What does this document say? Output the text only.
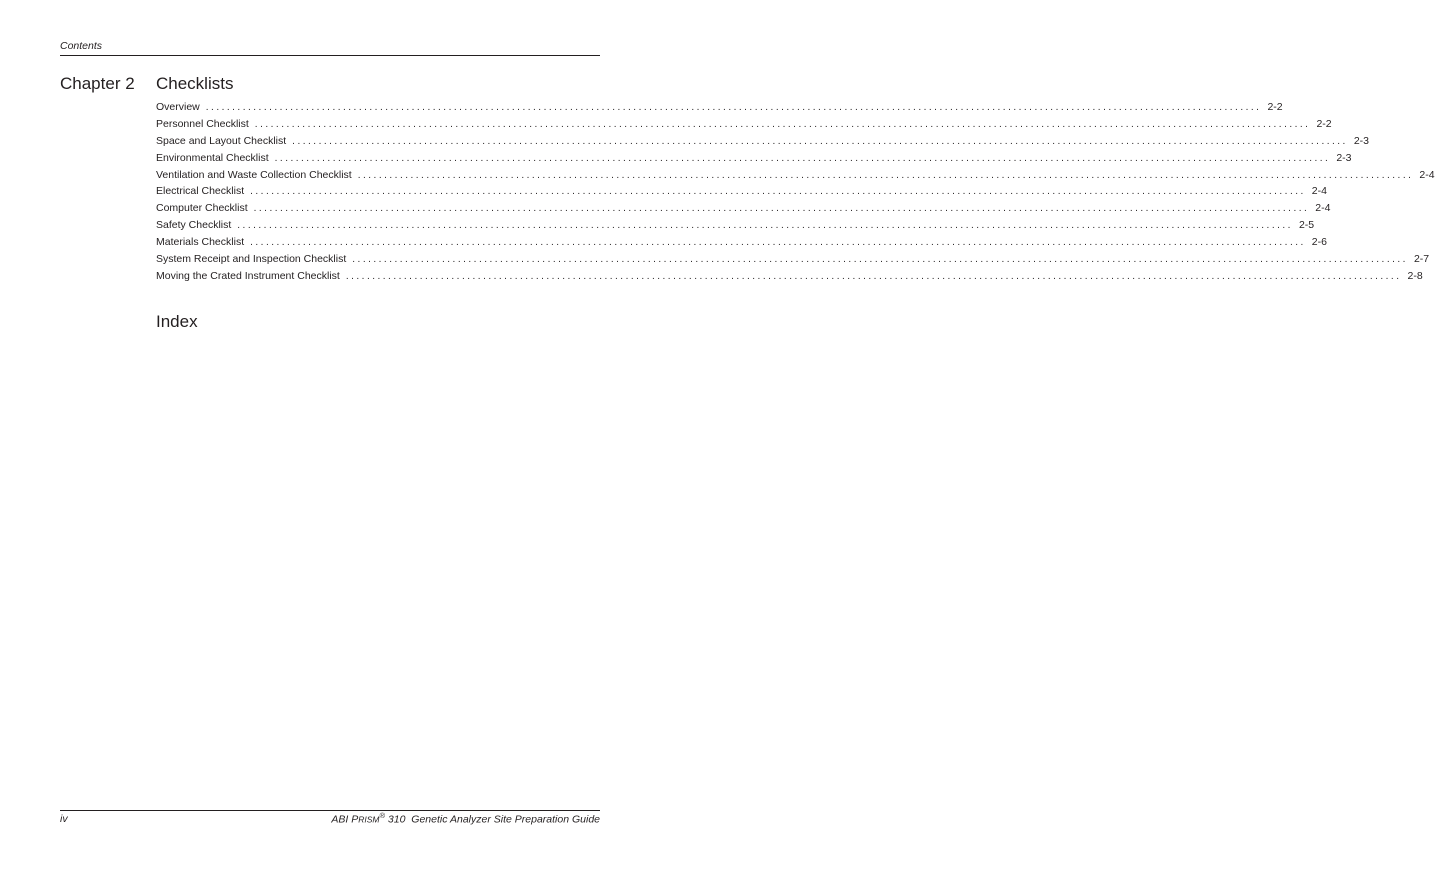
Contents
Chapter 2 Checklists
Overview ........................................................................................................................................................................................................ 2-2
Personnel Checklist ........................................................................................................................................................................................................ 2-2
Space and Layout Checklist ........................................................................................................................................................................................................ 2-3
Environmental Checklist ........................................................................................................................................................................................................ 2-3
Ventilation and Waste Collection Checklist ........................................................................................................................................................................................................ 2-4
Electrical Checklist ........................................................................................................................................................................................................ 2-4
Computer Checklist ........................................................................................................................................................................................................ 2-4
Safety Checklist ........................................................................................................................................................................................................ 2-5
Materials Checklist ........................................................................................................................................................................................................ 2-6
System Receipt and Inspection Checklist ........................................................................................................................................................................................................ 2-7
Moving the Crated Instrument Checklist ........................................................................................................................................................................................................ 2-8
Index
iv	ABI PRISM® 310  Genetic Analyzer Site Preparation Guide
